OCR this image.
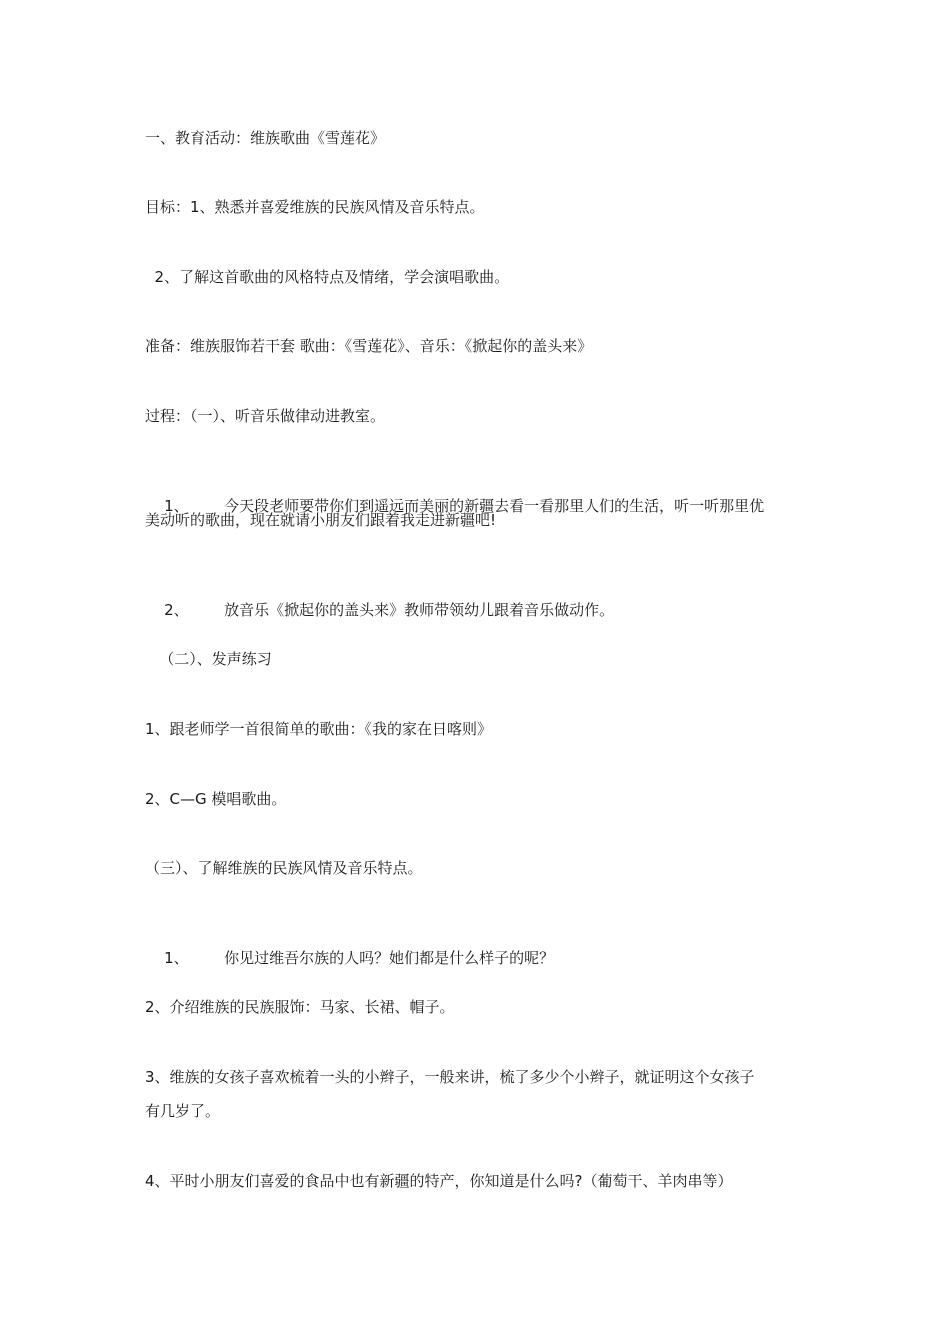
一、教育活动：维族歌曲《雪莲花》
目标：1、熟悉并喜爱维族的民族风情及音乐特点。
2、了解这首歌曲的风格特点及情绪，学会演唱歌曲。
准备：维族服饰若干套 歌曲：《雪莲花》、音乐：《掀起你的盖头来》
过程：（一）、听音乐做律动进教室。

1、 今天段老师要带你们到遥远而美丽的新疆去看一看那里人们的生活，听一听那里优

美动听的歌曲，现在就请小朋友们跟着我走进新疆吧!

2、 放音乐《掀起你的盖头来》教师带领幼儿跟着音乐做动作。

（二）、发声练习
1、跟老师学一首很简单的歌曲：《我的家在日喀则》
2、C—G 模唱歌曲。
（三）、了解维族的民族风情及音乐特点。

1、 你见过维吾尔族的人吗？她们都是什么样子的呢？

2、介绍维族的民族服饰：马家、长裙、帽子。
3、维族的女孩子喜欢梳着一头的小辫子，一般来讲，梳了多少个小辫子，就证明这个女孩子
有几岁了。
4、平时小朋友们喜爱的食品中也有新疆的特产，你知道是什么吗?（葡萄干、羊肉串等）
